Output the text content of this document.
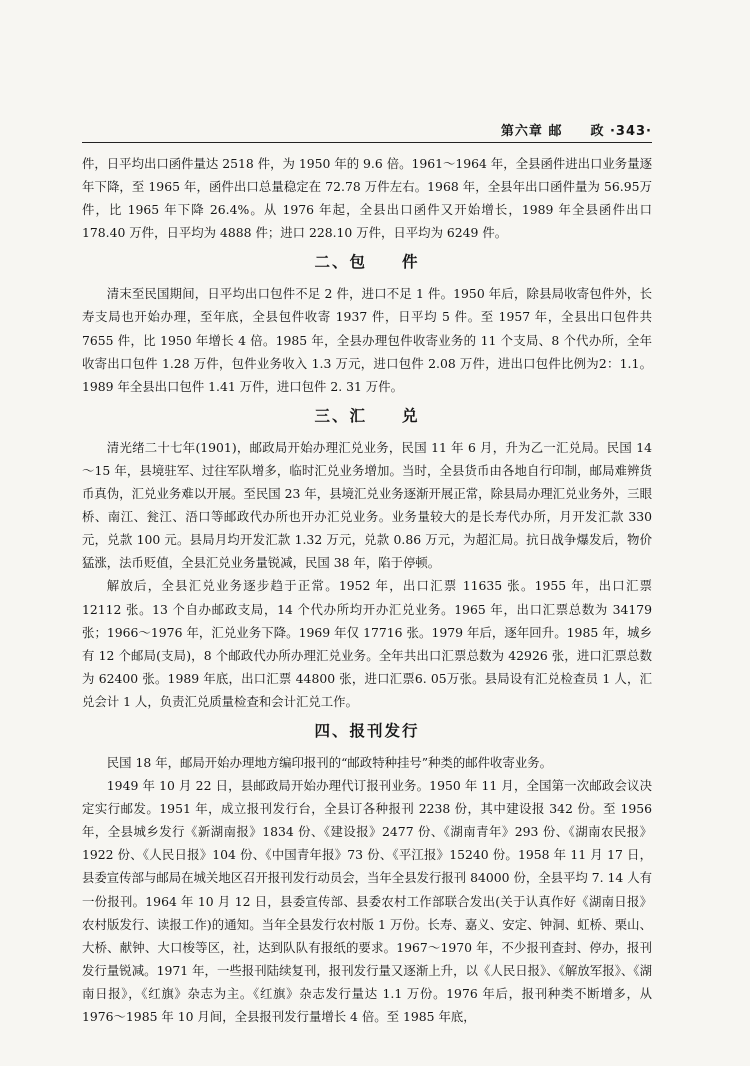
第六章 邮　　政 ·343·

件，日平均出口函件量达 2518 件，为 1950 年的 9.6 倍。1961～1964 年，全县函件进出口业务量逐年下降，至 1965 年，函件出口总量稳定在 72.78 万件左右。1968 年，全县年出口函件量为 56.95万件，比 1965 年下降 26.4%。从 1976 年起，全县出口函件又开始增长，1989 年全县函件出口 178.40 万件，日平均为 4888 件；进口 228.10 万件，日平均为 6249 件。

二、包　　件

清末至民国期间，日平均出口包件不足 2 件，进口不足 1 件。1950 年后，除县局收寄包件外，长寿支局也开始办理，至年底，全县包件收寄 1937 件，日平均 5 件。至 1957 年，全县出口包件共 7655 件，比 1950 年增长 4 倍。1985 年，全县办理包件收寄业务的 11 个支局、8 个代办所，全年收寄出口包件 1.28 万件，包件业务收入 1.3 万元，进口包件 2.08 万件，进出口包件比例为2：1.1。1989 年全县出口包件 1.41 万件，进口包件 2. 31 万件。

三、汇　　兑

清光绪二十七年(1901)，邮政局开始办理汇兑业务，民国 11 年 6 月，升为乙一汇兑局。民国 14～15 年，县境驻军、过往军队增多，临时汇兑业务增加。当时，全县货币由各地自行印制，邮局难辨货币真伪，汇兑业务难以开展。至民国 23 年，县境汇兑业务逐渐开展正常，除县局办理汇兑业务外，三眼桥、南江、瓮江、浯口等邮政代办所也开办汇兑业务。业务量较大的是长寿代办所，月开发汇款 330 元，兑款 100 元。县局月均开发汇款 1.32 万元，兑款 0.86 万元，为超汇局。抗日战争爆发后，物价猛涨，法币贬值，全县汇兑业务量锐减，民国 38 年，陷于停顿。

解放后，全县汇兑业务逐步趋于正常。1952 年，出口汇票 11635 张。1955 年，出口汇票 12112 张。13 个自办邮政支局，14 个代办所均开办汇兑业务。1965 年，出口汇票总数为 34179 张；1966～1976 年，汇兑业务下降。1969 年仅 17716 张。1979 年后，逐年回升。1985 年，城乡有 12 个邮局(支局)，8 个邮政代办所办理汇兑业务。全年共出口汇票总数为 42926 张，进口汇票总数为 62400 张。1989 年底，出口汇票 44800 张，进口汇票6. 05万张。县局设有汇兑检查员 1 人，汇兑会计 1 人，负责汇兑质量检查和会计汇兑工作。

四、报刊发行

民国 18 年，邮局开始办理地方编印报刊的“邮政特种挂号”种类的邮件收寄业务。

1949 年 10 月 22 日，县邮政局开始办理代订报刊业务。1950 年 11 月，全国第一次邮政会议决定实行邮发。1951 年，成立报刊发行台，全县订各种报刊 2238 份，其中建设报 342 份。至 1956 年，全县城乡发行《新湖南报》1834 份、《建设报》2477 份、《湖南青年》293 份、《湖南农民报》1922 份、《人民日报》104 份、《中国青年报》73 份、《平江报》15240 份。1958 年 11 月 17 日，县委宣传部与邮局在城关地区召开报刊发行动员会，当年全县发行报刊 84000 份，全县平均 7. 14 人有一份报刊。1964 年 10 月 12 日，县委宣传部、县委农村工作部联合发出(关于认真作好《湖南日报》农村版发行、读报工作)的通知。当年全县发行农村版 1 万份。长寿、嘉义、安定、钟洞、虹桥、栗山、大桥、献钟、大口梭等区，社，达到队队有报纸的要求。1967～1970 年，不少报刊查封、停办，报刊发行量锐减。1971 年，一些报刊陆续复刊，报刊发行量又逐渐上升，以《人民日报》、《解放军报》、《湖南日报》，《红旗》杂志为主。《红旗》杂志发行量达 1.1 万份。1976 年后，报刊种类不断增多，从 1976～1985 年 10 月间，全县报刊发行量增长 4 倍。至 1985 年底，
